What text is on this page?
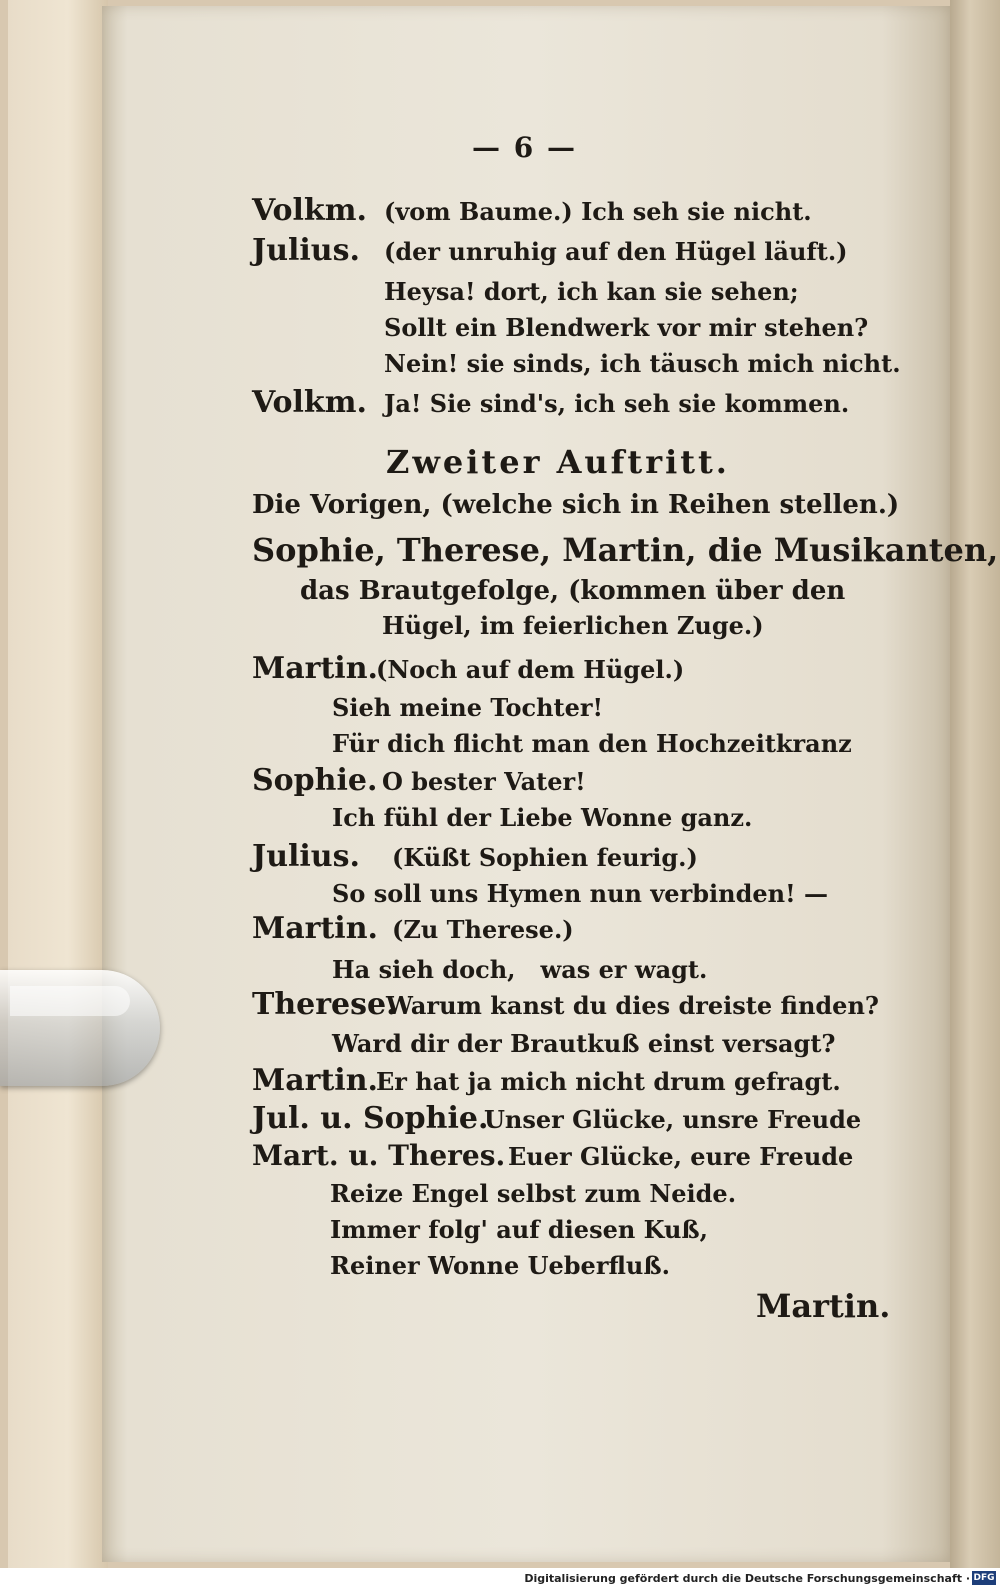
— 6 —
Volkm. (vom Baume.) Ich seh sie nicht.
Julius. (der unruhig auf den Hügel läuft.)
Heysa! dort, ich kan sie sehen;
Sollt ein Blendwerk vor mir stehen?
Nein! sie sinds, ich täusch mich nicht.
Volkm. Ja! Sie sind's, ich seh sie kommen.
Zweiter Auftritt.
Die Vorigen, (welche sich in Reihen stellen.)
Sophie, Therese, Martin, die Musikanten,
das Brautgefolge, (kommen über den
Hügel, im feierlichen Zuge.)
Martin.(Noch auf dem Hügel.)
Sieh meine Tochter!
Für dich flicht man den Hochzeitkranz
Sophie. O bester Vater!
Ich fühl der Liebe Wonne ganz.
Julius. (Küßt Sophien feurig.)
So soll uns Hymen nun verbinden! —
Martin. (Zu Therese.)
Ha sieh doch,   was er wagt.
Therese.Warum kanst du dies dreiste finden?
Ward dir der Brautkuß einst versagt?
Martin.Er hat ja mich nicht drum gefragt.
Jul. u. Sophie.Unser Glücke, unsre Freude
Mart. u. Theres. Euer Glücke, eure Freude
Reize Engel selbst zum Neide.
Immer folg' auf diesen Kuß,
Reiner Wonne Ueberfluß.
Martin.
Digitalisierung gefördert durch die Deutsche Forschungsgemeinschaft · DFG
